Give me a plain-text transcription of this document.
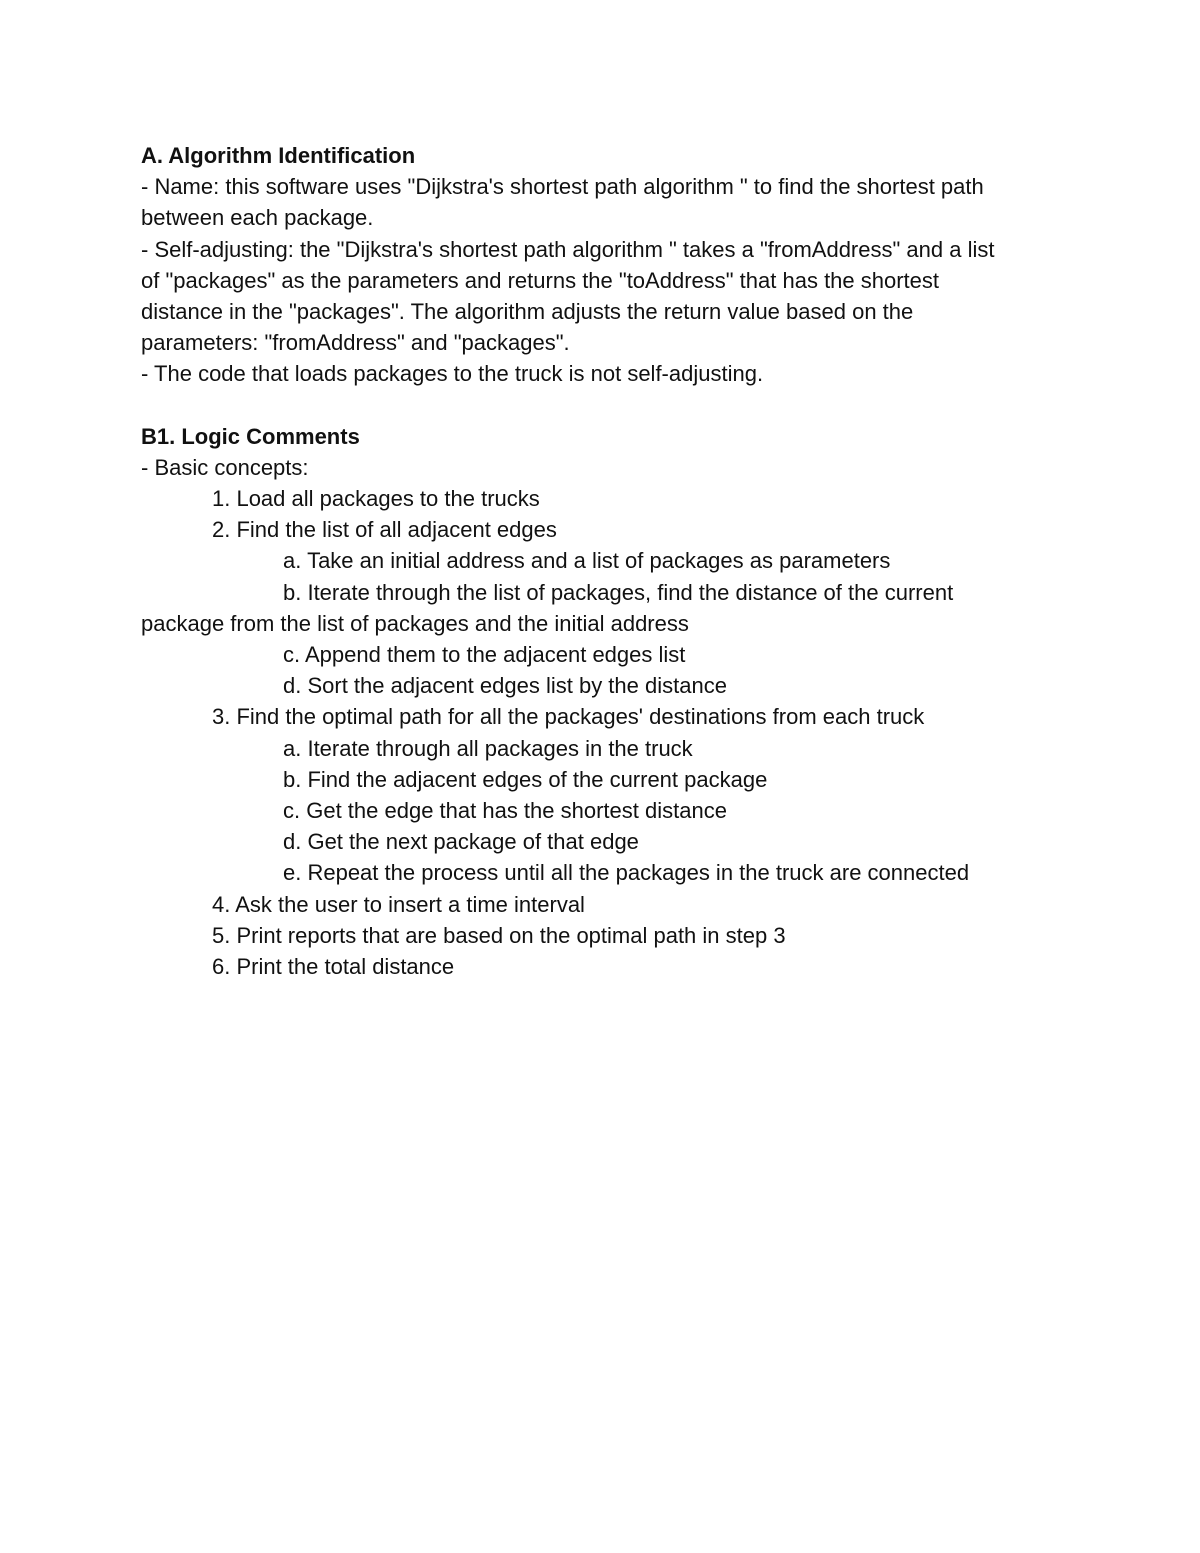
A. Algorithm Identification
- Name: this software uses "Dijkstra's shortest path algorithm " to find the shortest path
between each package.
- Self-adjusting: the "Dijkstra's shortest path algorithm " takes a "fromAddress" and a list
of "packages" as the parameters and returns the "toAddress" that has the shortest
distance in the "packages". The algorithm adjusts the return value based on the
parameters: "fromAddress" and "packages".
- The code that loads packages to the truck is not self-adjusting.
B1. Logic Comments
- Basic concepts:
1. Load all packages to the trucks
2. Find the list of all adjacent edges
a. Take an initial address and a list of packages as parameters
b. Iterate through the list of packages, find the distance of the current
package from the list of packages and the initial address
c. Append them to the adjacent edges list
d. Sort the adjacent edges list by the distance
3. Find the optimal path for all the packages' destinations from each truck
a. Iterate through all packages in the truck
b. Find the adjacent edges of the current package
c. Get the edge that has the shortest distance
d. Get the next package of that edge
e. Repeat the process until all the packages in the truck are connected
4. Ask the user to insert a time interval
5. Print reports that are based on the optimal path in step 3
6. Print the total distance
